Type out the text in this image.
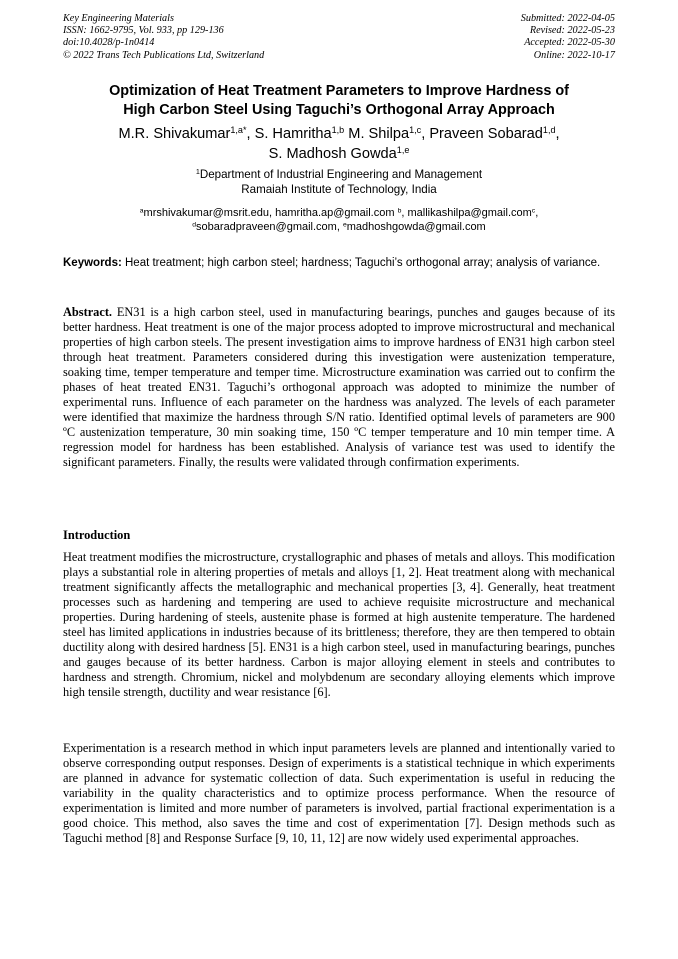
Key Engineering Materials
ISSN: 1662-9795, Vol. 933, pp 129-136
doi:10.4028/p-1n0414
© 2022 Trans Tech Publications Ltd, Switzerland
Submitted: 2022-04-05
Revised: 2022-05-23
Accepted: 2022-05-30
Online: 2022-10-17
Optimization of Heat Treatment Parameters to Improve Hardness of
High Carbon Steel Using Taguchi’s Orthogonal Array Approach
M.R. Shivakumar$^{1,a*}$, S. Hamritha$^{1,b}$ M. Shilpa$^{1,c}$, Praveen Sobarad$^{1,d}$,
S. Madhosh Gowda$^{1,e}$
$^1$Department of Industrial Engineering and Management
Ramaiah Institute of Technology, India
$^a$mrshivakumar@msrit.edu, hamritha.ap@gmail.com $^b$, mallikashilpa@gmail.com$^c$,
$^d$sobaradpraveen@gmail.com, $^e$madhoshgowda@gmail.com
Keywords: Heat treatment; high carbon steel; hardness; Taguchi’s orthogonal array; analysis of variance.
Abstract. EN31 is a high carbon steel, used in manufacturing bearings, punches and gauges because of its better hardness. Heat treatment is one of the major process adopted to improve microstructural and mechanical properties of high carbon steels. The present investigation aims to improve hardness of EN31 high carbon steel through heat treatment. Parameters considered during this investigation were austenization temperature, soaking time, temper temperature and temper time. Microstructure examination was carried out to confirm the phases of heat treated EN31. Taguchi’s orthogonal approach was adopted to minimize the number of experimental runs. Influence of each parameter on the hardness was analyzed. The levels of each parameter were identified that maximize the hardness through S/N ratio. Identified optimal levels of parameters are 900 ºC austenization temperature, 30 min soaking time, 150 ºC temper temperature and 10 min temper time. A regression model for hardness has been established. Analysis of variance test was used to identify the significant parameters. Finally, the results were validated through confirmation experiments.
Introduction
Heat treatment modifies the microstructure, crystallographic and phases of metals and alloys. This modification plays a substantial role in altering properties of metals and alloys [1, 2]. Heat treatment along with mechanical treatment significantly affects the metallographic and mechanical properties [3, 4]. Generally, heat treatment processes such as hardening and tempering are used to achieve requisite microstructure and mechanical properties. During hardening of steels, austenite phase is formed at high austenite temperature. The hardened steel has limited applications in industries because of its brittleness; therefore, they are then tempered to obtain ductility along with desired hardness [5]. EN31 is a high carbon steel, used in manufacturing bearings, punches and gauges because of its better hardness. Carbon is major alloying element in steels and contributes to hardness and strength. Chromium, nickel and molybdenum are secondary alloying elements which improve high tensile strength, ductility and wear resistance [6].
Experimentation is a research method in which input parameters levels are planned and intentionally varied to observe corresponding output responses. Design of experiments is a statistical technique in which experiments are planned in advance for systematic collection of data. Such experimentation is useful in reducing the variability in the quality characteristics and to optimize process performance. When the resource of experimentation is limited and more number of parameters is involved, partial fractional experimentation is a good choice. This method, also saves the time and cost of experimentation [7]. Design methods such as Taguchi method [8] and Response Surface [9, 10, 11, 12] are now widely used experimental approaches.
